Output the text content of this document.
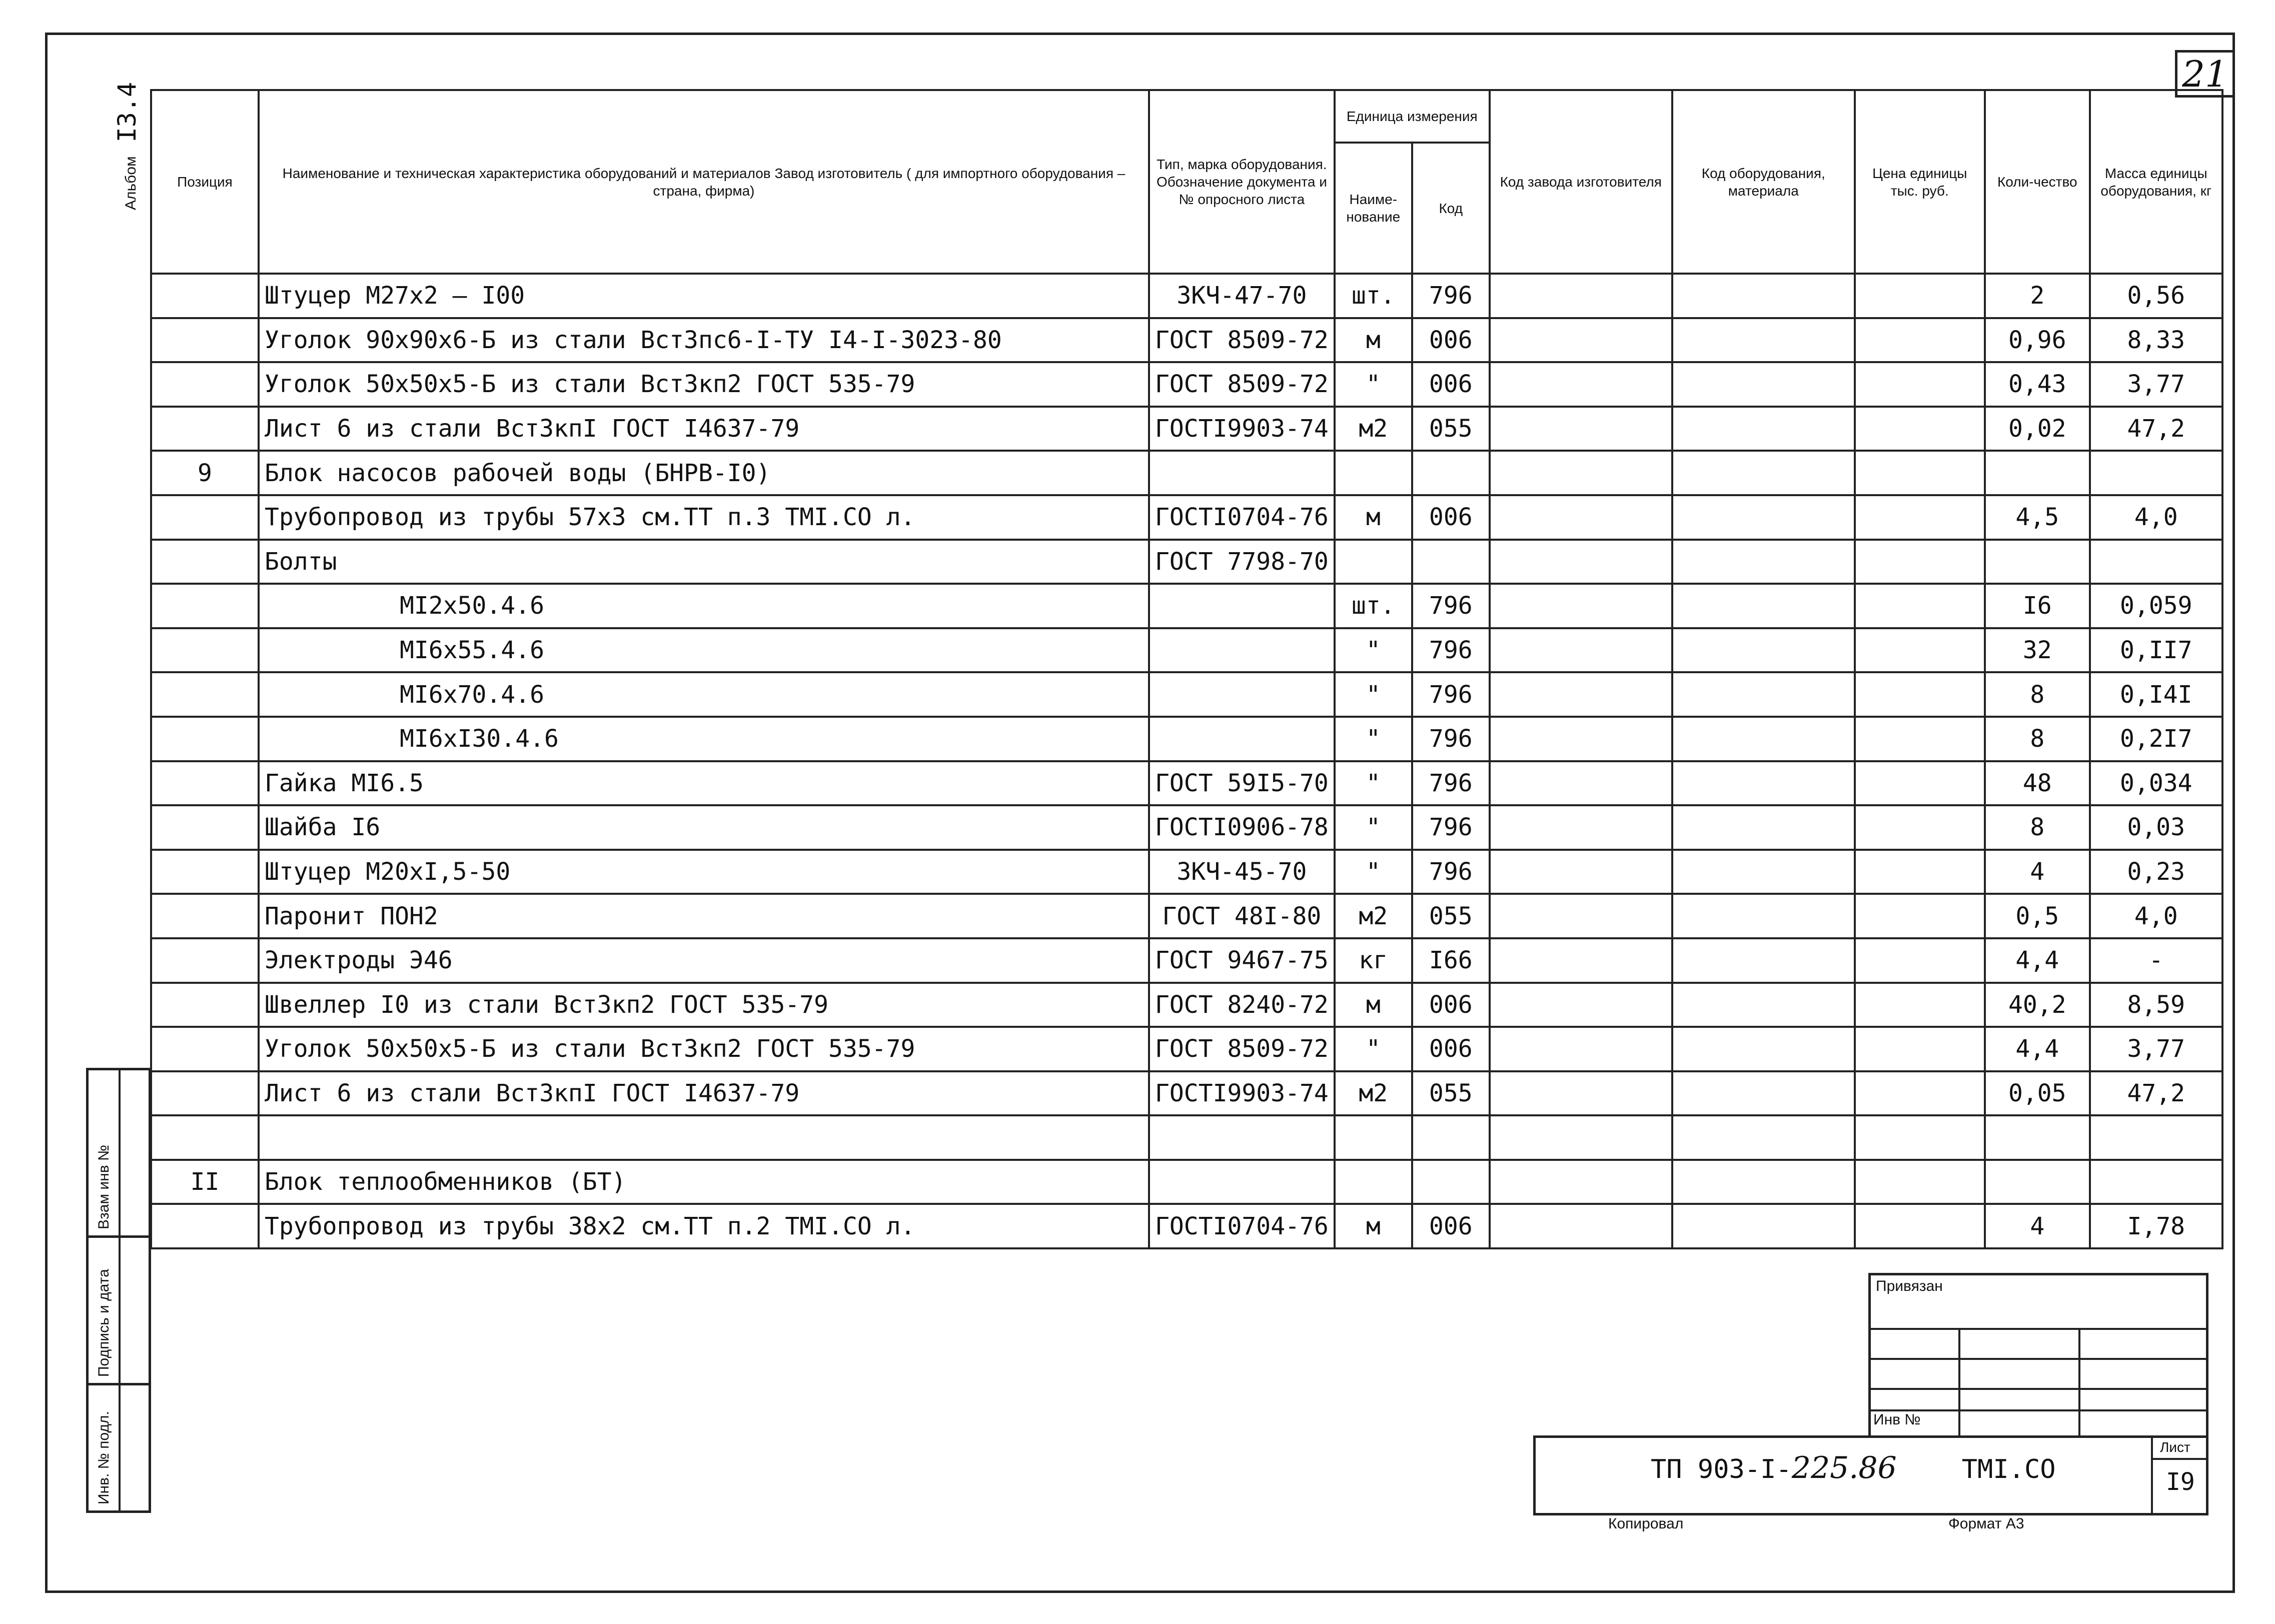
21
Альбом
I3.4
Взам инв №
Подпись и дата
Инв. № подл.
Позиция	Наименование и техническая характеристика оборудований и материалов Завод изготовитель ( для импортного оборудования – страна, фирма)	Тип, марка оборудования. Обозначение документа и № опросного листа	Единица измерения		Код завода изготовителя	Код оборудования, материала	Цена единицы тыс. руб.	Коли-чество	Масса единицы оборудования, кг
			Наиме-нование	Код					
	Штуцер М27х2 – I00	3КЧ-47-70	шт.	796				2	0,56
	Уголок 90х90х6-Б из стали ВстЗпс6-I-ТУ I4-I-3023-80	ГОСТ 8509-72	м	006				0,96	8,33
	Уголок 50х50х5-Б из стали ВстЗкп2 ГОСТ 535-79	ГОСТ 8509-72	"	006				0,43	3,77
	Лист 6 из стали ВстЗкпI ГОСТ I4637-79	ГОСТI9903-74	м2	055				0,02	47,2
9	Блок насосов рабочей воды (БНРВ-I0)								
	Трубопровод из трубы 57х3 см.ТТ п.3 ТМI.СО л.	ГОСТI0704-76	м	006				4,5	4,0
	Болты	ГОСТ 7798-70							
	МI2х50.4.6		шт.	796				I6	0,059
	МI6х55.4.6		"	796				32	0,II7
	МI6х70.4.6		"	796				8	0,I4I
	МI6хI30.4.6		"	796				8	0,2I7
	Гайка МI6.5	ГОСТ 59I5-70	"	796				48	0,034
	Шайба I6	ГОСТI0906-78	"	796				8	0,03
	Штуцер М20хI,5-50	3КЧ-45-70	"	796				4	0,23
	Паронит ПОН2	ГОСТ 48I-80	м2	055				0,5	4,0
	Электроды Э46	ГОСТ 9467-75	кг	I66				4,4	-
	Швеллер I0 из стали ВстЗкп2 ГОСТ 535-79	ГОСТ 8240-72	м	006				40,2	8,59
	Уголок 50х50х5-Б из стали ВстЗкп2 ГОСТ 535-79	ГОСТ 8509-72	"	006				4,4	3,77
	Лист 6 из стали ВстЗкпI ГОСТ I4637-79	ГОСТI9903-74	м2	055				0,05	47,2

II	Блок теплообменников (БТ)								
	Трубопровод из трубы 38х2 см.ТТ п.2 ТМI.СО л.	ГОСТI0704-76	м	006				4	I,78
Привязан
Инв №
Лист
I9
ТП 903-I-225.86	ТМI.СО
Копировал	Формат А3
